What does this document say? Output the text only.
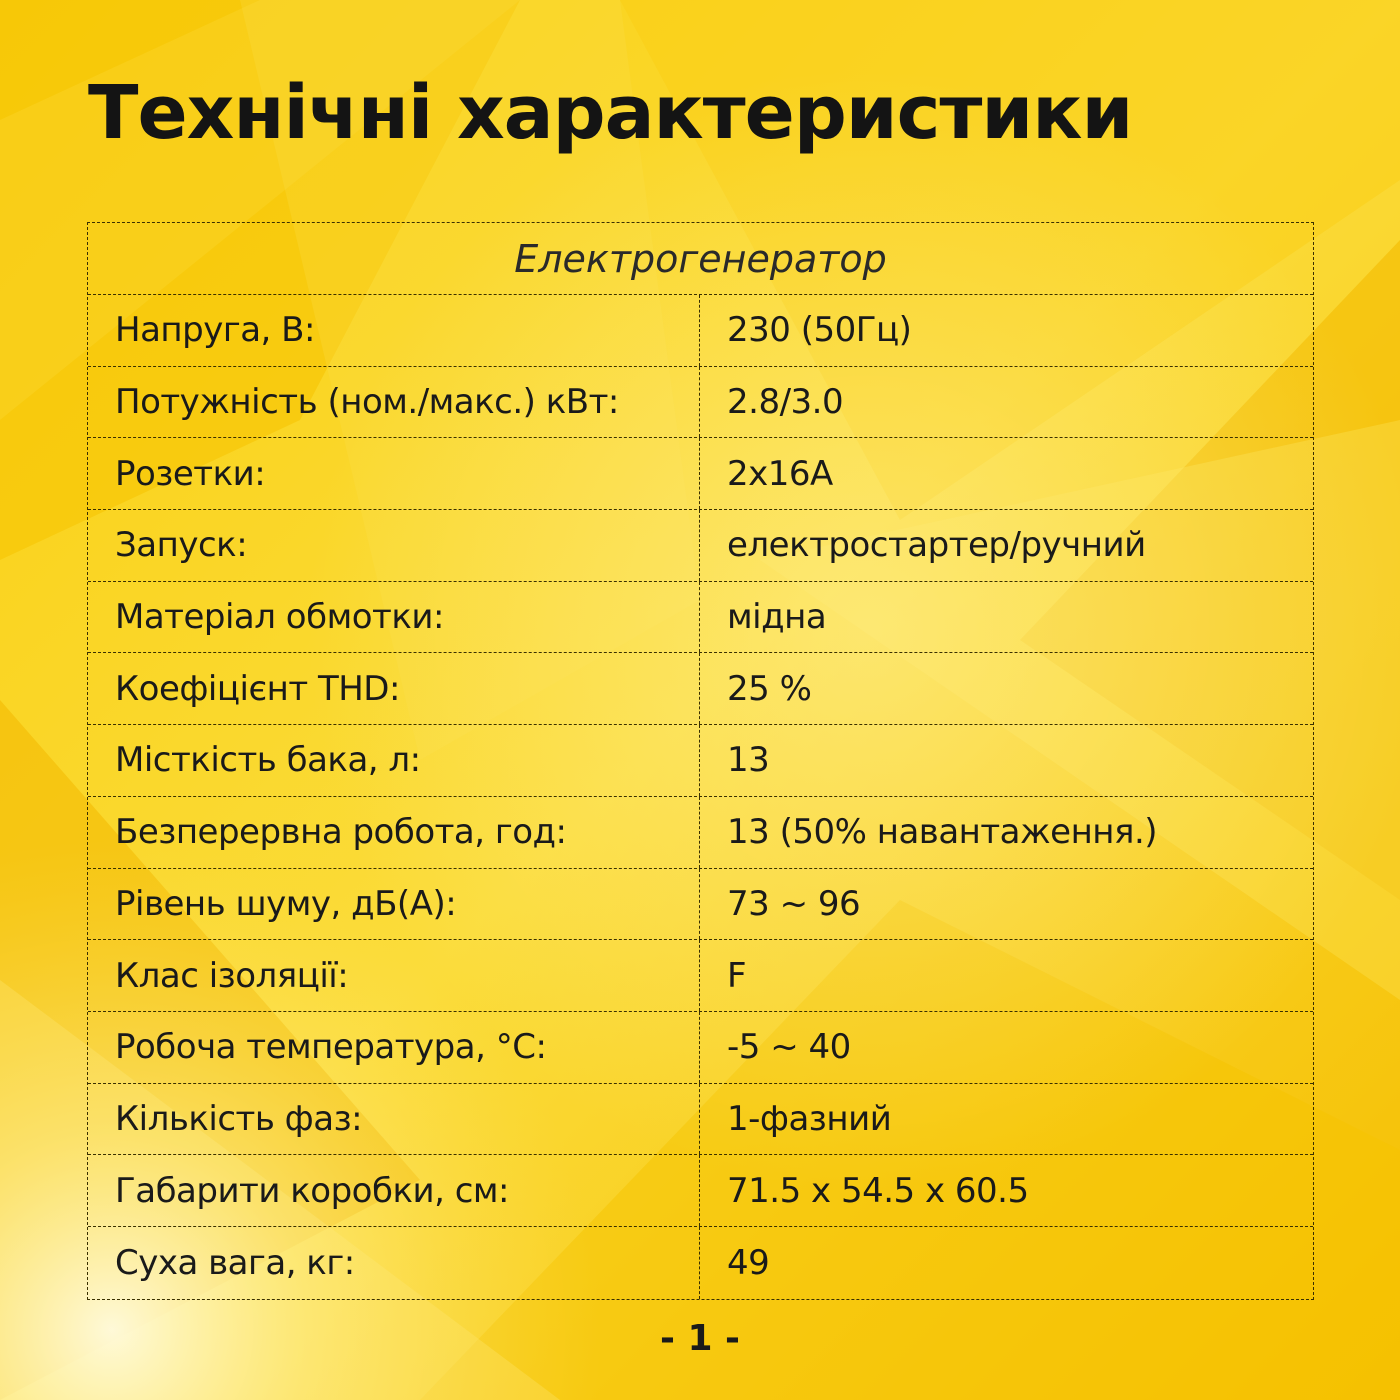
Технічні характеристики
Електрогенератор
Напруга, В:	230 (50Гц)
Потужність (ном./макс.) кВт:	2.8/3.0
Розетки:	2х16А
Запуск:	електростартер/ручний
Матеріал обмотки:	мідна
Коефіцієнт THD:	25 %
Місткість бака, л:	13
Безперервна робота, год:	13 (50% навантаження.)
Рівень шуму, дБ(А):	73 ~ 96
Клас ізоляції:	F
Робоча температура, °С:	-5 ~ 40
Кількість фаз:	1-фазний
Габарити коробки, см:	71.5 х 54.5 х 60.5
Суха вага, кг:	49
- 1 -
